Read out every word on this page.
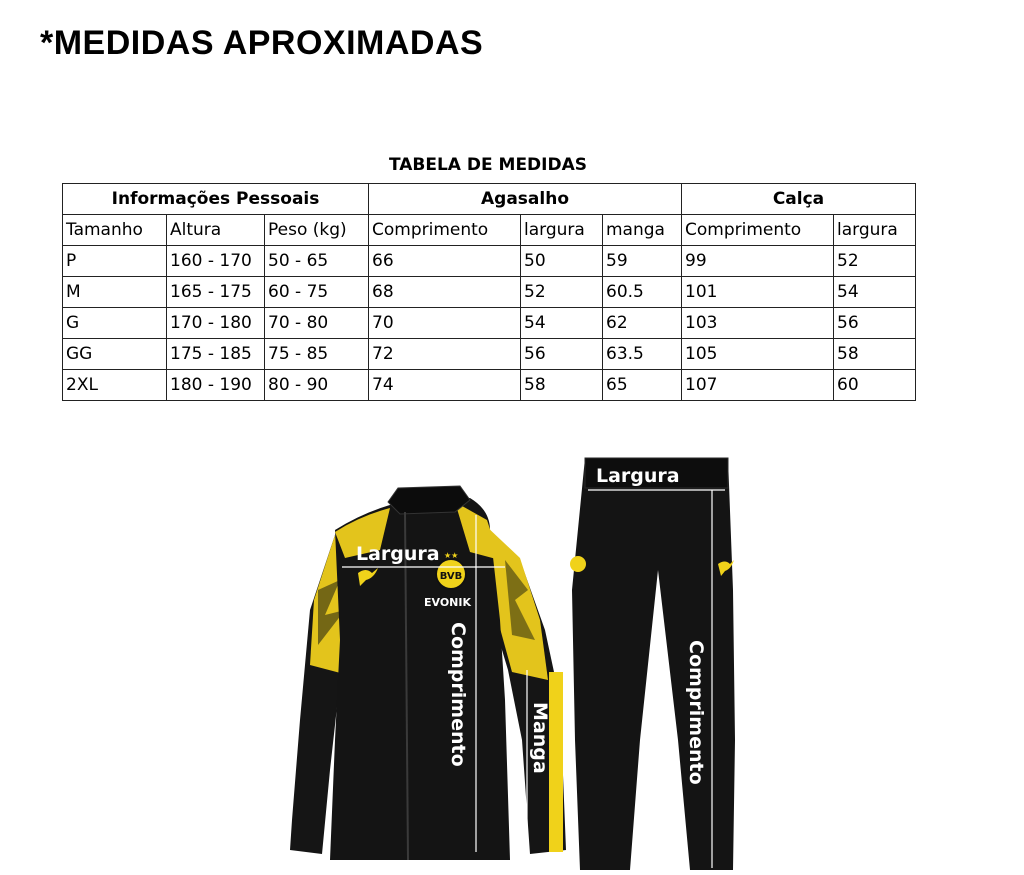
*MEDIDAS APROXIMADAS
TABELA DE MEDIDAS
Informações Pessoais			Agasalho			Calça	
Tamanho	Altura	Peso (kg)	Comprimento	largura	manga	Comprimento	largura
P	160 - 170	50 - 65	66	50	59	99	52
M	165 - 175	60 - 75	68	52	60.5	101	54
G	170 - 180	70 - 80	70	54	62	103	56
GG	175 - 185	75 - 85	72	56	63.5	105	58
2XL	180 - 190	80 - 90	74	58	65	107	60
BVB
★★
EVONIK
Largura
Comprimento	Manga
Largura
Comprimento
